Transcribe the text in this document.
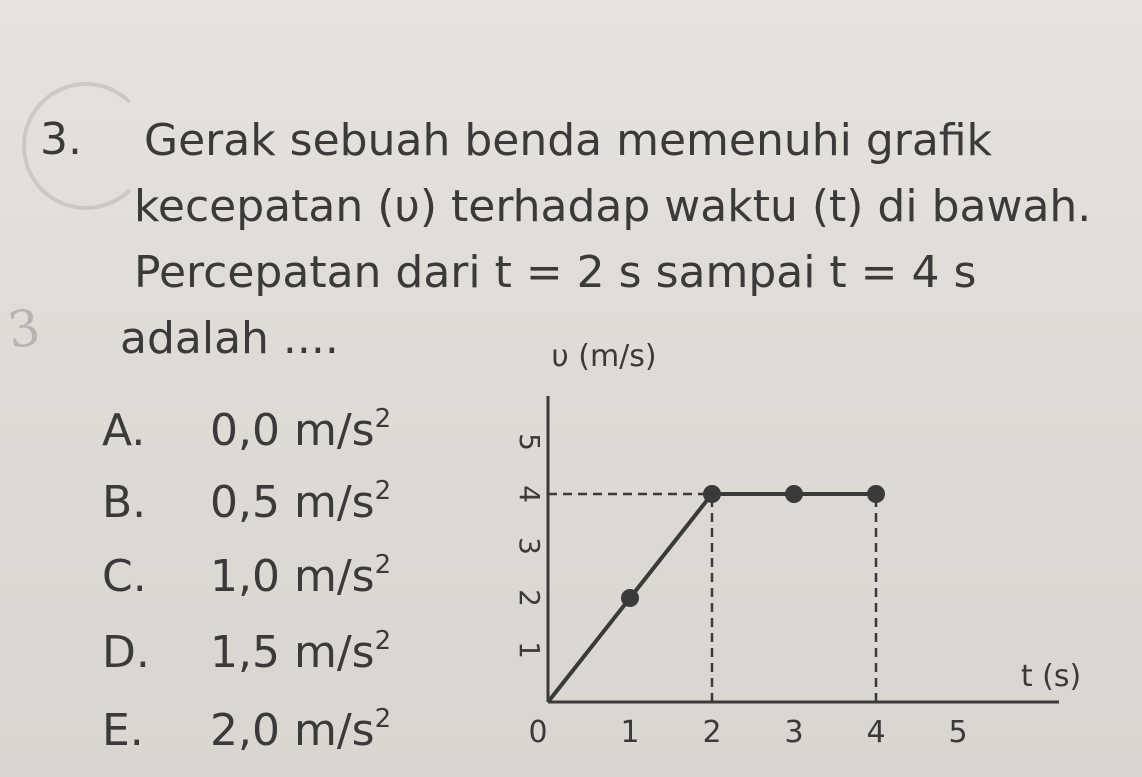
3.
3
Gerak sebuah benda memenuhi grafik
kecepatan (υ) terhadap waktu (t) di bawah.
Percepatan dari t = 2 s sampai t = 4 s
adalah ....
A. 0,0 $m/s^2$
B. 0,5 $m/s^2$
C. 1,0 $m/s^2$
D. 1,5 $m/s^2$
E. 2,0 $m/s^2$	0 1 2 3 4 5
1
2
3
4
5
υ (m/s)
t (s)
